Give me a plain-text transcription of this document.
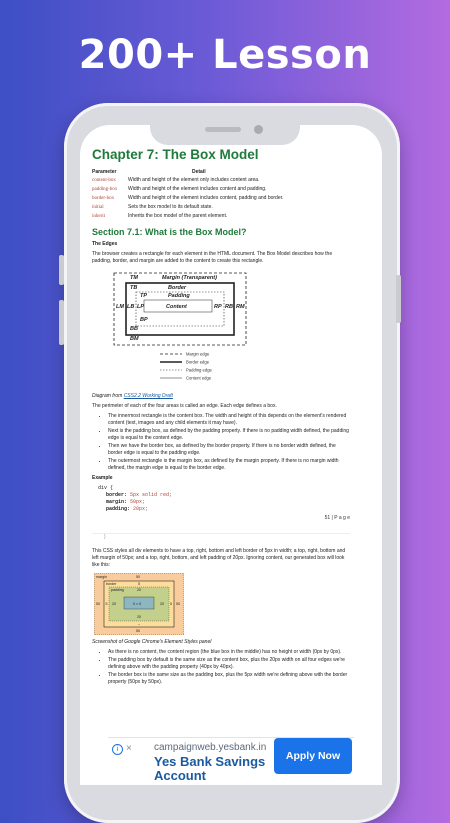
200+ Lesson
Chapter 7: The Box Model
Parameter	Detail
content-box Width and height of the element only includes content area.
padding-box Width and height of the element includes content and padding.
border-box	Width and height of the element includes content, padding and border.
initial	Sets the box model to its default state.
inherit	Inherits the box model of the parent element.
Section 7.1: What is the Box Model?
The Edges
The browser creates a rectangle for each element in the HTML document. The Box Model describes how the padding, border, and margin are added to the content to create this rectangle.
TM	Margin (Transparent)
TB	Border
TP	Padding
LM LB LP	Content	RP RB RM
BP
BB
BM
Margin edge
Border edge
Padding edge
Content edge
Diagram from CSS2.2 Working Draft
The perimeter of each of the four areas is called an edge. Each edge defines a box.
• The innermost rectangle is the content box. The width and height of this depends on the element's rendered content (text, images and any child elements it may have).
• Next is the padding box, as defined by the padding property. If there is no padding width defined, the padding edge is equal to the content edge.
• Then we have the border box, as defined by the border property. If there is no border width defined, the border edge is equal to the padding edge.
• The outermost rectangle is the margin box, as defined by the margin property. If there is no margin width defined, the margin edge is equal to the border edge.
Example
div {
border: 5px solid red;
margin: 50px;
padding: 20px;
51 | P a g e
}
This CSS styles all div elements to have a top, right, bottom and left border of 5px in width; a top, right, bottom and left margin of 50px; and a top, right, bottom, and left padding of 20px. Ignoring content, our generated box will look like this:
margin	50
border	5
padding	20
50 5 20	0 × 0	20 5 50
20
–
50
Screenshot of Google Chrome's Element Styles panel
• As there is no content, the content region (the blue box in the middle) has no height or width (0px by 0px).
• The padding box by default is the same size as the content box, plus the 20px width on all four edges we're defining above with the padding property (40px by 40px).
• The border box is the same size as the padding box, plus the 5px width we're defining above with the border property (50px by 50px).
i × campaignweb.yesbank.in
Yes Bank Savings
Account
Apply Now
